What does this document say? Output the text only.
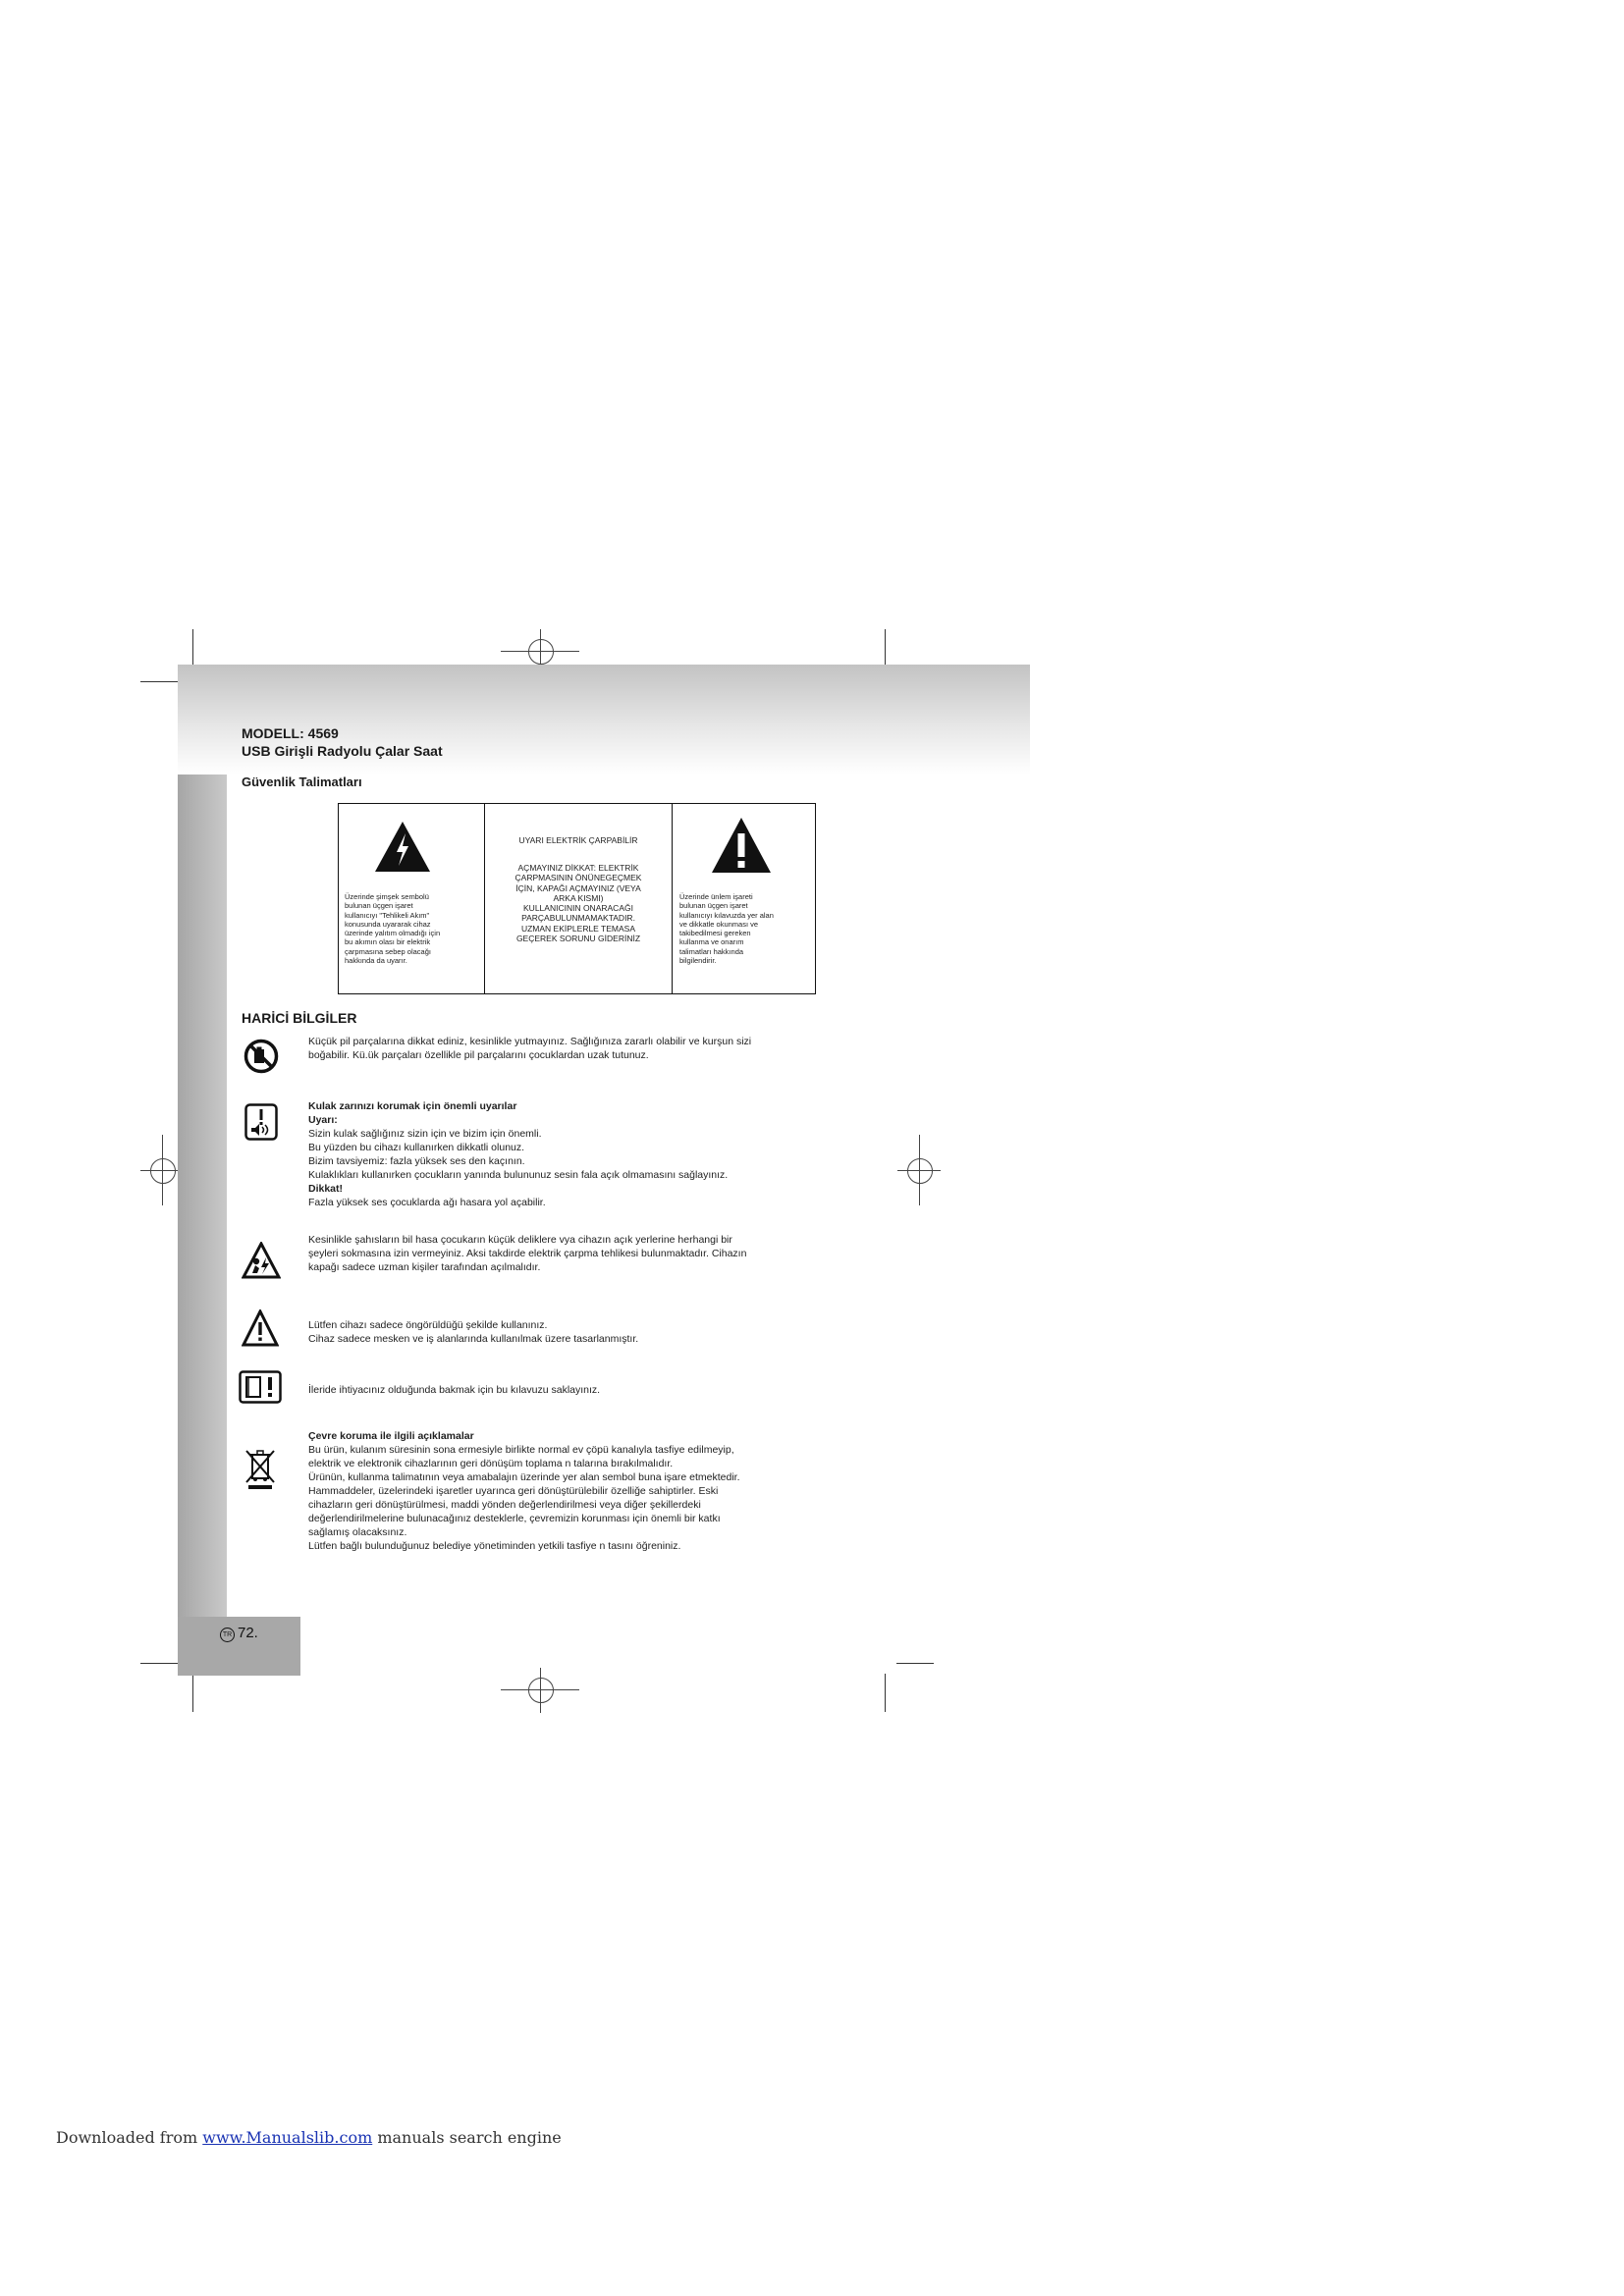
MODELL: 4569
USB Girişli Radyolu Çalar Saat
Güvenlik Talimatları
Üzerinde şimşek sembolü
bulunan üçgen işaret
kullanıcıyı "Tehlikeli Akım"
konusunda uyararak cihaz
üzerinde yalıtım olmadığı için
bu akımın olası bir elektrik
çarpmasına sebep olacağı
hakkında da uyarır.
UYARI ELEKTRİK ÇARPABİLİR
AÇMAYINIZ DİKKAT: ELEKTRİK
ÇARPMASININ ÖNÜNEGEÇMEK
İÇİN, KAPAĞI AÇMAYINIZ (VEYA
ARKA KISMI)
KULLANICININ ONARACAĞI
PARÇABULUNMAMAKTADIR.
UZMAN EKİPLERLE TEMASA
GEÇEREK SORUNU GİDERİNİZ
Üzerinde ünlem işareti
bulunan üçgen işaret
kullanıcıyı kılavuzda yer alan
ve dikkatle okunması ve
takibedilmesi gereken
kullanma ve onarım
talimatları hakkında
bilgilendirir.
HARİCİ BİLGİLER
Küçük pil parçalarına dikkat ediniz, kesinlikle yutmayınız. Sağlığınıza zararlı olabilir ve kurşun sizi
boğabilir. Kü.ük parçaları özellikle pil parçalarını çocuklardan uzak tutunuz.
Kulak zarınızı korumak için önemli uyarılar
Uyarı:
Sizin kulak sağlığınız sizin için ve bizim için önemli.
Bu yüzden bu cihazı kullanırken dikkatli olunuz.
Bizim tavsiyemiz: fazla yüksek ses den kaçının.
Kulaklıkları kullanırken çocukların yanında bulununuz sesin fala açık olmamasını sağlayınız.
Dikkat!
Fazla yüksek ses çocuklarda ağı hasara yol açabilir.
Kesinlikle şahısların bil hasa çocukarın küçük deliklere vya cihazın açık yerlerine herhangi bir
şeyleri sokmasına izin vermeyiniz. Aksi takdirde elektrik çarpma tehlikesi bulunmaktadır. Cihazın
kapağı sadece uzman kişiler tarafından açılmalıdır.
Lütfen cihazı sadece öngörüldüğü şekilde kullanınız.
Cihaz sadece mesken ve iş alanlarında kullanılmak üzere tasarlanmıştır.
İleride ihtiyacınız olduğunda bakmak için bu kılavuzu saklayınız.
Çevre koruma ile ilgili açıklamalar
Bu ürün, kulanım süresinin sona ermesiyle birlikte normal ev çöpü kanalıyla tasfiye edilmeyip,
elektrik ve elektronik cihazlarının geri dönüşüm toplama n talarına bırakılmalıdır.
Ürünün, kullanma talimatının veya amabalajın üzerinde yer alan sembol buna işare etmektedir.
Hammaddeler, üzelerindeki işaretler uyarınca geri dönüştürülebilir özelliğe sahiptirler. Eski
cihazların geri dönüştürülmesi, maddi yönden değerlendirilmesi veya diğer şekillerdeki
değerlendirilmelerine bulunacağınız desteklerle, çevremizin korunması için önemli bir katkı
sağlamış olacaksınız.
Lütfen bağlı bulunduğunuz belediye yönetiminden yetkili tasfiye n tasını öğreniniz.
TR 72.
Downloaded from www.Manualslib.com manuals search engine
